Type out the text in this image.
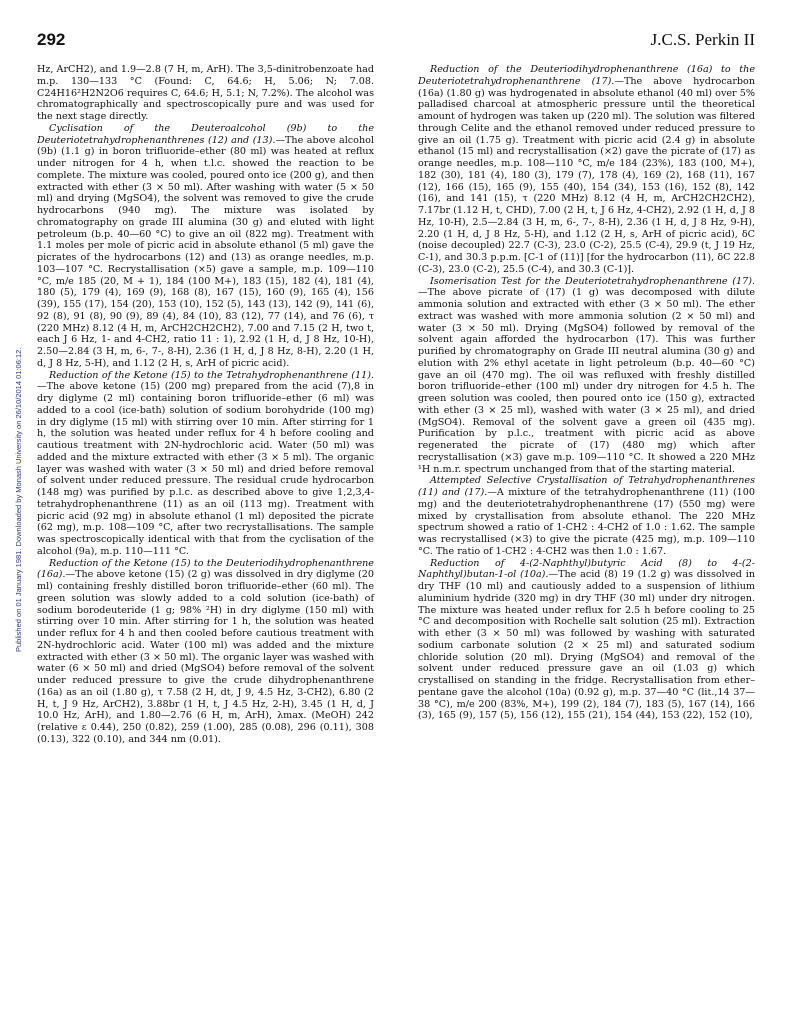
292	J.C.S. Perkin II
Published on 01 January 1981. Downloaded by Monash University on 26/10/2014 01:06:12.

Hz, ArCH2), and 1.9—2.8 (7 H, m, ArH). The 3,5-dinitrobenzoate had m.p. 130—133 °C (Found: C, 64.6; H, 5.06; N; 7.08. C24H16²H2N2O6 requires C, 64.6; H, 5.1; N, 7.2%). The alcohol was chromatographically and spectroscopically pure and was used for the next stage directly.

Cyclisation of the Deuteroalcohol (9b) to the Deuteriotetrahydrophenanthrenes (12) and (13).—The above alcohol (9b) (1.1 g) in boron trifluoride–ether (80 ml) was heated at reflux under nitrogen for 4 h, when t.l.c. showed the reaction to be complete. The mixture was cooled, poured onto ice (200 g), and then extracted with ether (3 × 50 ml). After washing with water (5 × 50 ml) and drying (MgSO4), the solvent was removed to give the crude hydrocarbons (940 mg). The mixture was isolated by chromatography on grade III alumina (30 g) and eluted with light petroleum (b.p. 40—60 °C) to give an oil (822 mg). Treatment with 1.1 moles per mole of picric acid in absolute ethanol (5 ml) gave the picrates of the hydrocarbons (12) and (13) as orange needles, m.p. 103—107 °C. Recrystallisation (×5) gave a sample, m.p. 109—110 °C, m/e 185 (20, M + 1), 184 (100 M+), 183 (15), 182 (4), 181 (4), 180 (5), 179 (4), 169 (9), 168 (8), 167 (15), 160 (9), 165 (4), 156 (39), 155 (17), 154 (20), 153 (10), 152 (5), 143 (13), 142 (9), 141 (6), 92 (8), 91 (8), 90 (9), 89 (4), 84 (10), 83 (12), 77 (14), and 76 (6), τ (220 MHz) 8.12 (4 H, m, ArCH2CH2CH2), 7.00 and 7.15 (2 H, two t, each J 6 Hz, 1- and 4-CH2, ratio 11 : 1), 2.92 (1 H, d, J 8 Hz, 10-H), 2.50—2.84 (3 H, m, 6-, 7-, 8-H), 2.36 (1 H, d, J 8 Hz, 8-H), 2.20 (1 H, d, J 8 Hz, 5-H), and 1.12 (2 H, s, ArH of picric acid).

Reduction of the Ketone (15) to the Tetrahydrophenanthrene (11).—The above ketone (15) (200 mg) prepared from the acid (7),8 in dry diglyme (2 ml) containing boron trifluoride–ether (6 ml) was added to a cool (ice-bath) solution of sodium borohydride (100 mg) in dry diglyme (15 ml) with stirring over 10 min. After stirring for 1 h, the solution was heated under reflux for 4 h before cooling and cautious treatment with 2N-hydrochloric acid. Water (50 ml) was added and the mixture extracted with ether (3 × 5 ml). The organic layer was washed with water (3 × 50 ml) and dried before removal of solvent under reduced pressure. The residual crude hydrocarbon (148 mg) was purified by p.l.c. as described above to give 1,2,3,4-tetrahydrophenanthrene (11) as an oil (113 mg). Treatment with picric acid (92 mg) in absolute ethanol (1 ml) deposited the picrate (62 mg), m.p. 108—109 °C, after two recrystallisations. The sample was spectroscopically identical with that from the cyclisation of the alcohol (9a), m.p. 110—111 °C.

Reduction of the Ketone (15) to the Deuteriodihydrophenanthrene (16a).—The above ketone (15) (2 g) was dissolved in dry diglyme (20 ml) containing freshly distilled boron trifluoride–ether (60 ml). The green solution was slowly added to a cold solution (ice-bath) of sodium borodeuteride (1 g; 98% ²H) in dry diglyme (150 ml) with stirring over 10 min. After stirring for 1 h, the solution was heated under reflux for 4 h and then cooled before cautious treatment with 2N-hydrochloric acid. Water (100 ml) was added and the mixture extracted with ether (3 × 50 ml). The organic layer was washed with water (6 × 50 ml) and dried (MgSO4) before removal of the solvent under reduced pressure to give the crude dihydrophenanthrene (16a) as an oil (1.80 g), τ 7.58 (2 H, dt, J 9, 4.5 Hz, 3-CH2), 6.80 (2 H, t, J 9 Hz, ArCH2), 3.88br (1 H, t, J 4.5 Hz, 2-H), 3.45 (1 H, d, J 10.0 Hz, ArH), and 1.80—2.76 (6 H, m, ArH), λmax. (MeOH) 242 (relative ε 0.44), 250 (0.82), 259 (1.00), 285 (0.08), 296 (0.11), 308 (0.13), 322 (0.10), and 344 nm (0.01).

Reduction of the Deuteriodihydrophenanthrene (16a) to the Deuteriotetrahydrophenanthrene (17).—The above hydrocarbon (16a) (1.80 g) was hydrogenated in absolute ethanol (40 ml) over 5% palladised charcoal at atmospheric pressure until the theoretical amount of hydrogen was taken up (220 ml). The solution was filtered through Celite and the ethanol removed under reduced pressure to give an oil (1.75 g). Treatment with picric acid (2.4 g) in absolute ethanol (15 ml) and recrystallisation (×2) gave the picrate of (17) as orange needles, m.p. 108—110 °C, m/e 184 (23%), 183 (100, M+), 182 (30), 181 (4), 180 (3), 179 (7), 178 (4), 169 (2), 168 (11), 167 (12), 166 (15), 165 (9), 155 (40), 154 (34), 153 (16), 152 (8), 142 (16), and 141 (15), τ (220 MHz) 8.12 (4 H, m, ArCH2CH2CH2), 7.17br (1.12 H, t, CHD), 7.00 (2 H, t, J 6 Hz, 4-CH2), 2.92 (1 H, d, J 8 Hz, 10-H), 2.5—2.84 (3 H, m, 6-, 7-, 8-H), 2.36 (1 H, d, J 8 Hz, 9-H), 2.20 (1 H, d, J 8 Hz, 5-H), and 1.12 (2 H, s, ArH of picric acid), δC (noise decoupled) 22.7 (C-3), 23.0 (C-2), 25.5 (C-4), 29.9 (t, J 19 Hz, C-1), and 30.3 p.p.m. [C-1 of (11)] [for the hydrocarbon (11), δC 22.8 (C-3), 23.0 (C-2), 25.5 (C-4), and 30.3 (C-1)].

Isomerisation Test for the Deuteriotetrahydrophenanthrene (17).—The above picrate of (17) (1 g) was decomposed with dilute ammonia solution and extracted with ether (3 × 50 ml). The ether extract was washed with more ammonia solution (2 × 50 ml) and water (3 × 50 ml). Drying (MgSO4) followed by removal of the solvent again afforded the hydrocarbon (17). This was further purified by chromatography on Grade III neutral alumina (30 g) and elution with 2% ethyl acetate in light petroleum (b.p. 40—60 °C) gave an oil (470 mg). The oil was refluxed with freshly distilled boron trifluoride–ether (100 ml) under dry nitrogen for 4.5 h. The green solution was cooled, then poured onto ice (150 g), extracted with ether (3 × 25 ml), washed with water (3 × 25 ml), and dried (MgSO4). Removal of the solvent gave a green oil (435 mg). Purification by p.l.c., treatment with picric acid as above regenerated the picrate of (17) (480 mg) which after recrystallisation (×3) gave m.p. 109—110 °C. It showed a 220 MHz ¹H n.m.r. spectrum unchanged from that of the starting material.

Attempted Selective Crystallisation of Tetrahydrophenanthrenes (11) and (17).—A mixture of the tetrahydrophenanthrene (11) (100 mg) and the deuteriotetrahydrophenanthrene (17) (550 mg) were mixed by crystallisation from absolute ethanol. The 220 MHz spectrum showed a ratio of 1-CH2 : 4-CH2 of 1.0 : 1.62. The sample was recrystallised (×3) to give the picrate (425 mg), m.p. 109—110 °C. The ratio of 1-CH2 : 4-CH2 was then 1.0 : 1.67.

Reduction of 4-(2-Naphthyl)butyric Acid (8) to 4-(2-Naphthyl)butan-1-ol (10a).—The acid (8) 19 (1.2 g) was dissolved in dry THF (10 ml) and cautiously added to a suspension of lithium aluminium hydride (320 mg) in dry THF (30 ml) under dry nitrogen. The mixture was heated under reflux for 2.5 h before cooling to 25 °C and decomposition with Rochelle salt solution (25 ml). Extraction with ether (3 × 50 ml) was followed by washing with saturated sodium carbonate solution (2 × 25 ml) and saturated sodium chloride solution (20 ml). Drying (MgSO4) and removal of the solvent under reduced pressure gave an oil (1.03 g) which crystallised on standing in the fridge. Recrystallisation from ether–pentane gave the alcohol (10a) (0.92 g), m.p. 37—40 °C (lit.,14 37—38 °C), m/e 200 (83%, M+), 199 (2), 184 (7), 183 (5), 167 (14), 166 (3), 165 (9), 157 (5), 156 (12), 155 (21), 154 (44), 153 (22), 152 (10),
